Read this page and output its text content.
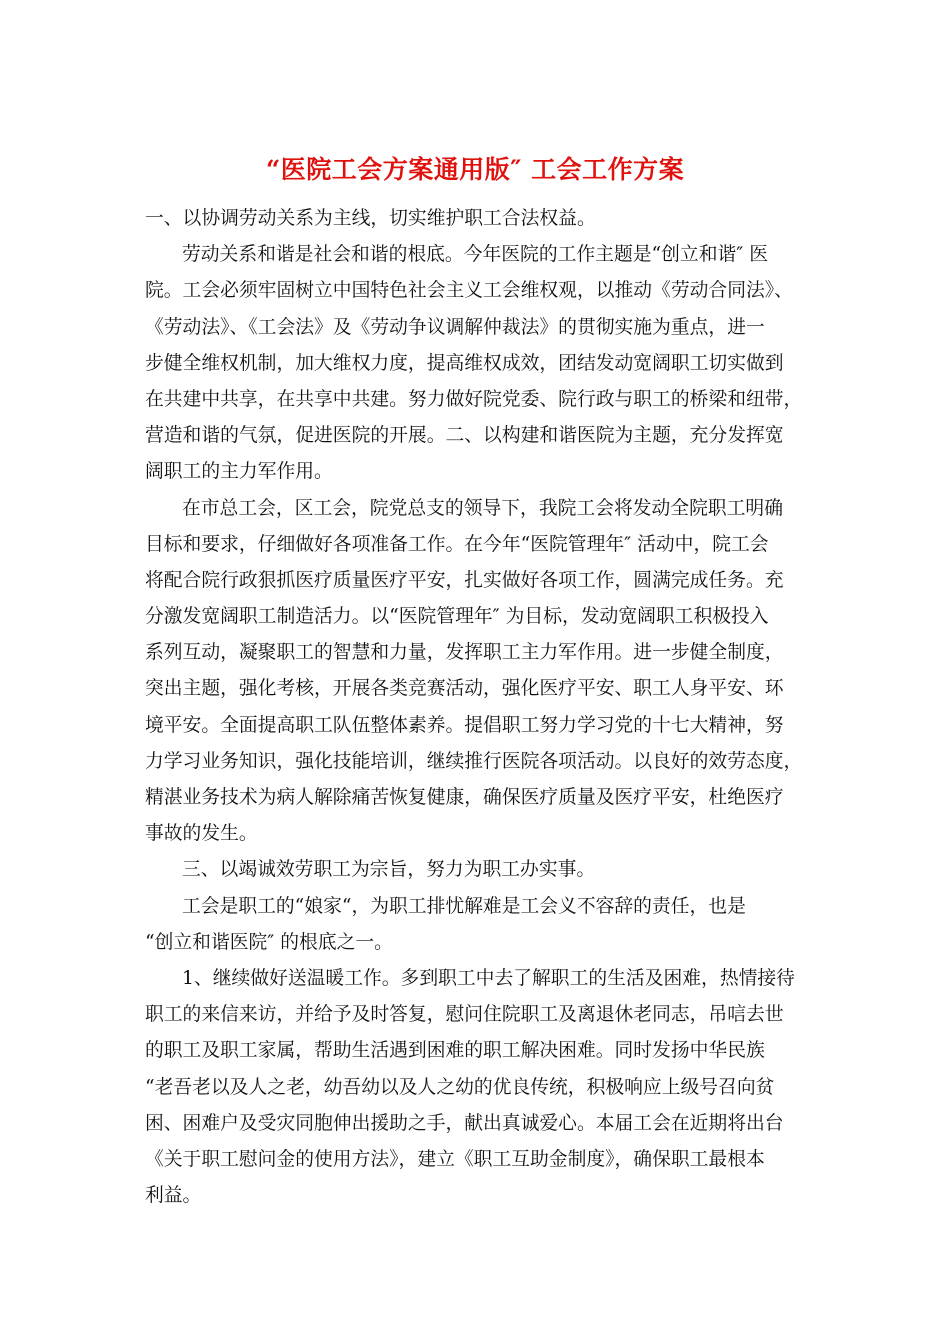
“医院工会方案通用版″ 工会工作方案
一、以协调劳动关系为主线，切实维护职工合法权益。
劳动关系和谐是社会和谐的根底。今年医院的工作主题是“创立和谐″ 医
院。工会必须牢固树立中国特色社会主义工会维权观，以推动《劳动合同法》、
《劳动法》、《工会法》及《劳动争议调解仲裁法》的贯彻实施为重点，进一
步健全维权机制，加大维权力度，提高维权成效，团结发动宽阔职工切实做到
在共建中共享，在共享中共建。努力做好院党委、院行政与职工的桥梁和纽带，
营造和谐的气氛，促进医院的开展。二、以构建和谐医院为主题，充分发挥宽
阔职工的主力军作用。
在市总工会，区工会，院党总支的领导下，我院工会将发动全院职工明确
目标和要求，仔细做好各项准备工作。在今年“医院管理年″ 活动中，院工会
将配合院行政狠抓医疗质量医疗平安，扎实做好各项工作，圆满完成任务。充
分激发宽阔职工制造活力。以“医院管理年″ 为目标，发动宽阔职工积极投入
系列互动，凝聚职工的智慧和力量，发挥职工主力军作用。进一步健全制度，
突出主题，强化考核，开展各类竞赛活动，强化医疗平安、职工人身平安、环
境平安。全面提高职工队伍整体素养。提倡职工努力学习党的十七大精神，努
力学习业务知识，强化技能培训，继续推行医院各项活动。以良好的效劳态度，
精湛业务技术为病人解除痛苦恢复健康，确保医疗质量及医疗平安，杜绝医疗
事故的发生。
三、以竭诚效劳职工为宗旨，努力为职工办实事。
工会是职工的“娘家“，为职工排忧解难是工会义不容辞的责任，也是
“创立和谐医院″ 的根底之一。
1、继续做好送温暖工作。多到职工中去了解职工的生活及困难，热情接待
职工的来信来访，并给予及时答复，慰问住院职工及离退休老同志，吊唁去世
的职工及职工家属，帮助生活遇到困难的职工解决困难。同时发扬中华民族
“老吾老以及人之老，幼吾幼以及人之幼的优良传统，积极响应上级号召向贫
困、困难户及受灾同胞伸出援助之手，献出真诚爱心。本届工会在近期将出台
《关于职工慰问金的使用方法》，建立《职工互助金制度》，确保职工最根本
利益。
